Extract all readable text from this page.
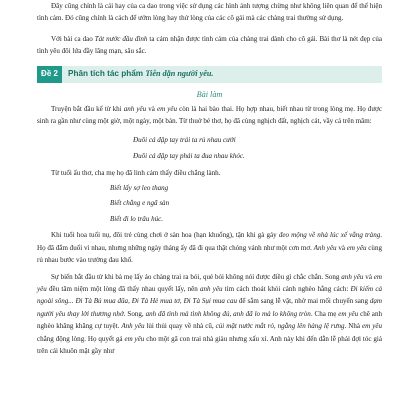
Đây cũng chính là cái hay của ca dao trong việc sử dụng các hình ảnh tượng chừng như không liên quan để thể hiện tình cảm. Đó cũng chính là cách để ướm lòng hay thử lòng của các cô gái mà các chàng trai thường sử dụng.

Với bài ca dao Tát nước đầu đình ta cảm nhận được tình cảm của chàng trai dành cho cô gái. Bài thơ là nét đẹp của tình yêu đôi lứa đầy lãng mạn, sâu sắc.

Đề 2	Phân tích tác phẩm Tiễn dặn người yêu.
Bài làm

Truyện bắt đầu kể từ khi anh yêu và em yêu còn là hai bào thai. Họ hợp nhau, biết nhau từ trong lòng mẹ. Họ được sinh ra gần như cùng một giờ, một ngày, một bản. Từ thuở bé thơ, họ đã cùng nghịch đất, nghịch cát, vầy cả trên mâm:

Đuôi cá đập tay trái ta rủ nhau cưới

Đuôi cá đập tay phải ta đua nhau khóc.

Từ tuổi ấu thơ, cha mẹ họ đã linh cảm thấy điều chẳng lành.

Biết lấy sợ leo thang

Biết chẳng e ngã sàn

Biết đi lo trâu húc.

Khi tuổi hoa tuổi nụ, đôi trẻ cùng chơi ở sàn hoa (hạn khuống), tận khi gà gáy đeo mộng về nhà lúc xế vắng tràng. Họ đã đắm đuối vì nhau, nhưng những ngày tháng ấy đã đi qua thật chóng vánh như một cơn mơ. Anh yêu và em yêu cùng rủ nhau bước vào trường đau khổ.

Sự biến bắt đầu từ khi bà mẹ lấy áo chàng trai ra bói, quẻ bói không nói được điều gì chắc chắn. Song anh yêu và em yêu đều tâm niệm một lòng đã thấy nhau quyết lấy, nên anh yêu tìm cách thoát khỏi cảnh nghèo hằng cách: Đi kiếm cả ngoài sông... Đi Tà Bú mua đũa, Đi Tà Hè mua tơ, Đi Tà Sụi mua cau để sắm sang lễ vật, nhờ mai mối chuyển sang dạm người yêu thay lời thương nhớ. Song, anh đã tình mà tình không đủ, anh đã lo mà lo không tròn. Cha mẹ em yêu chê anh nghèo khăng khăng cự tuyệt. Anh yêu lủi thủi quay về nhà cũ, củi mặt nước mắt rỏ, ngẵng lên hàng lệ rưng. Nhà em yêu chẳng động lòng. Họ quyết gả em yêu cho một gã con trai nhà giàu nhưng xấu xí. Anh này khi đến dẫn lễ phải đợi tóc giả trên cái khuôn mặt gầy như
